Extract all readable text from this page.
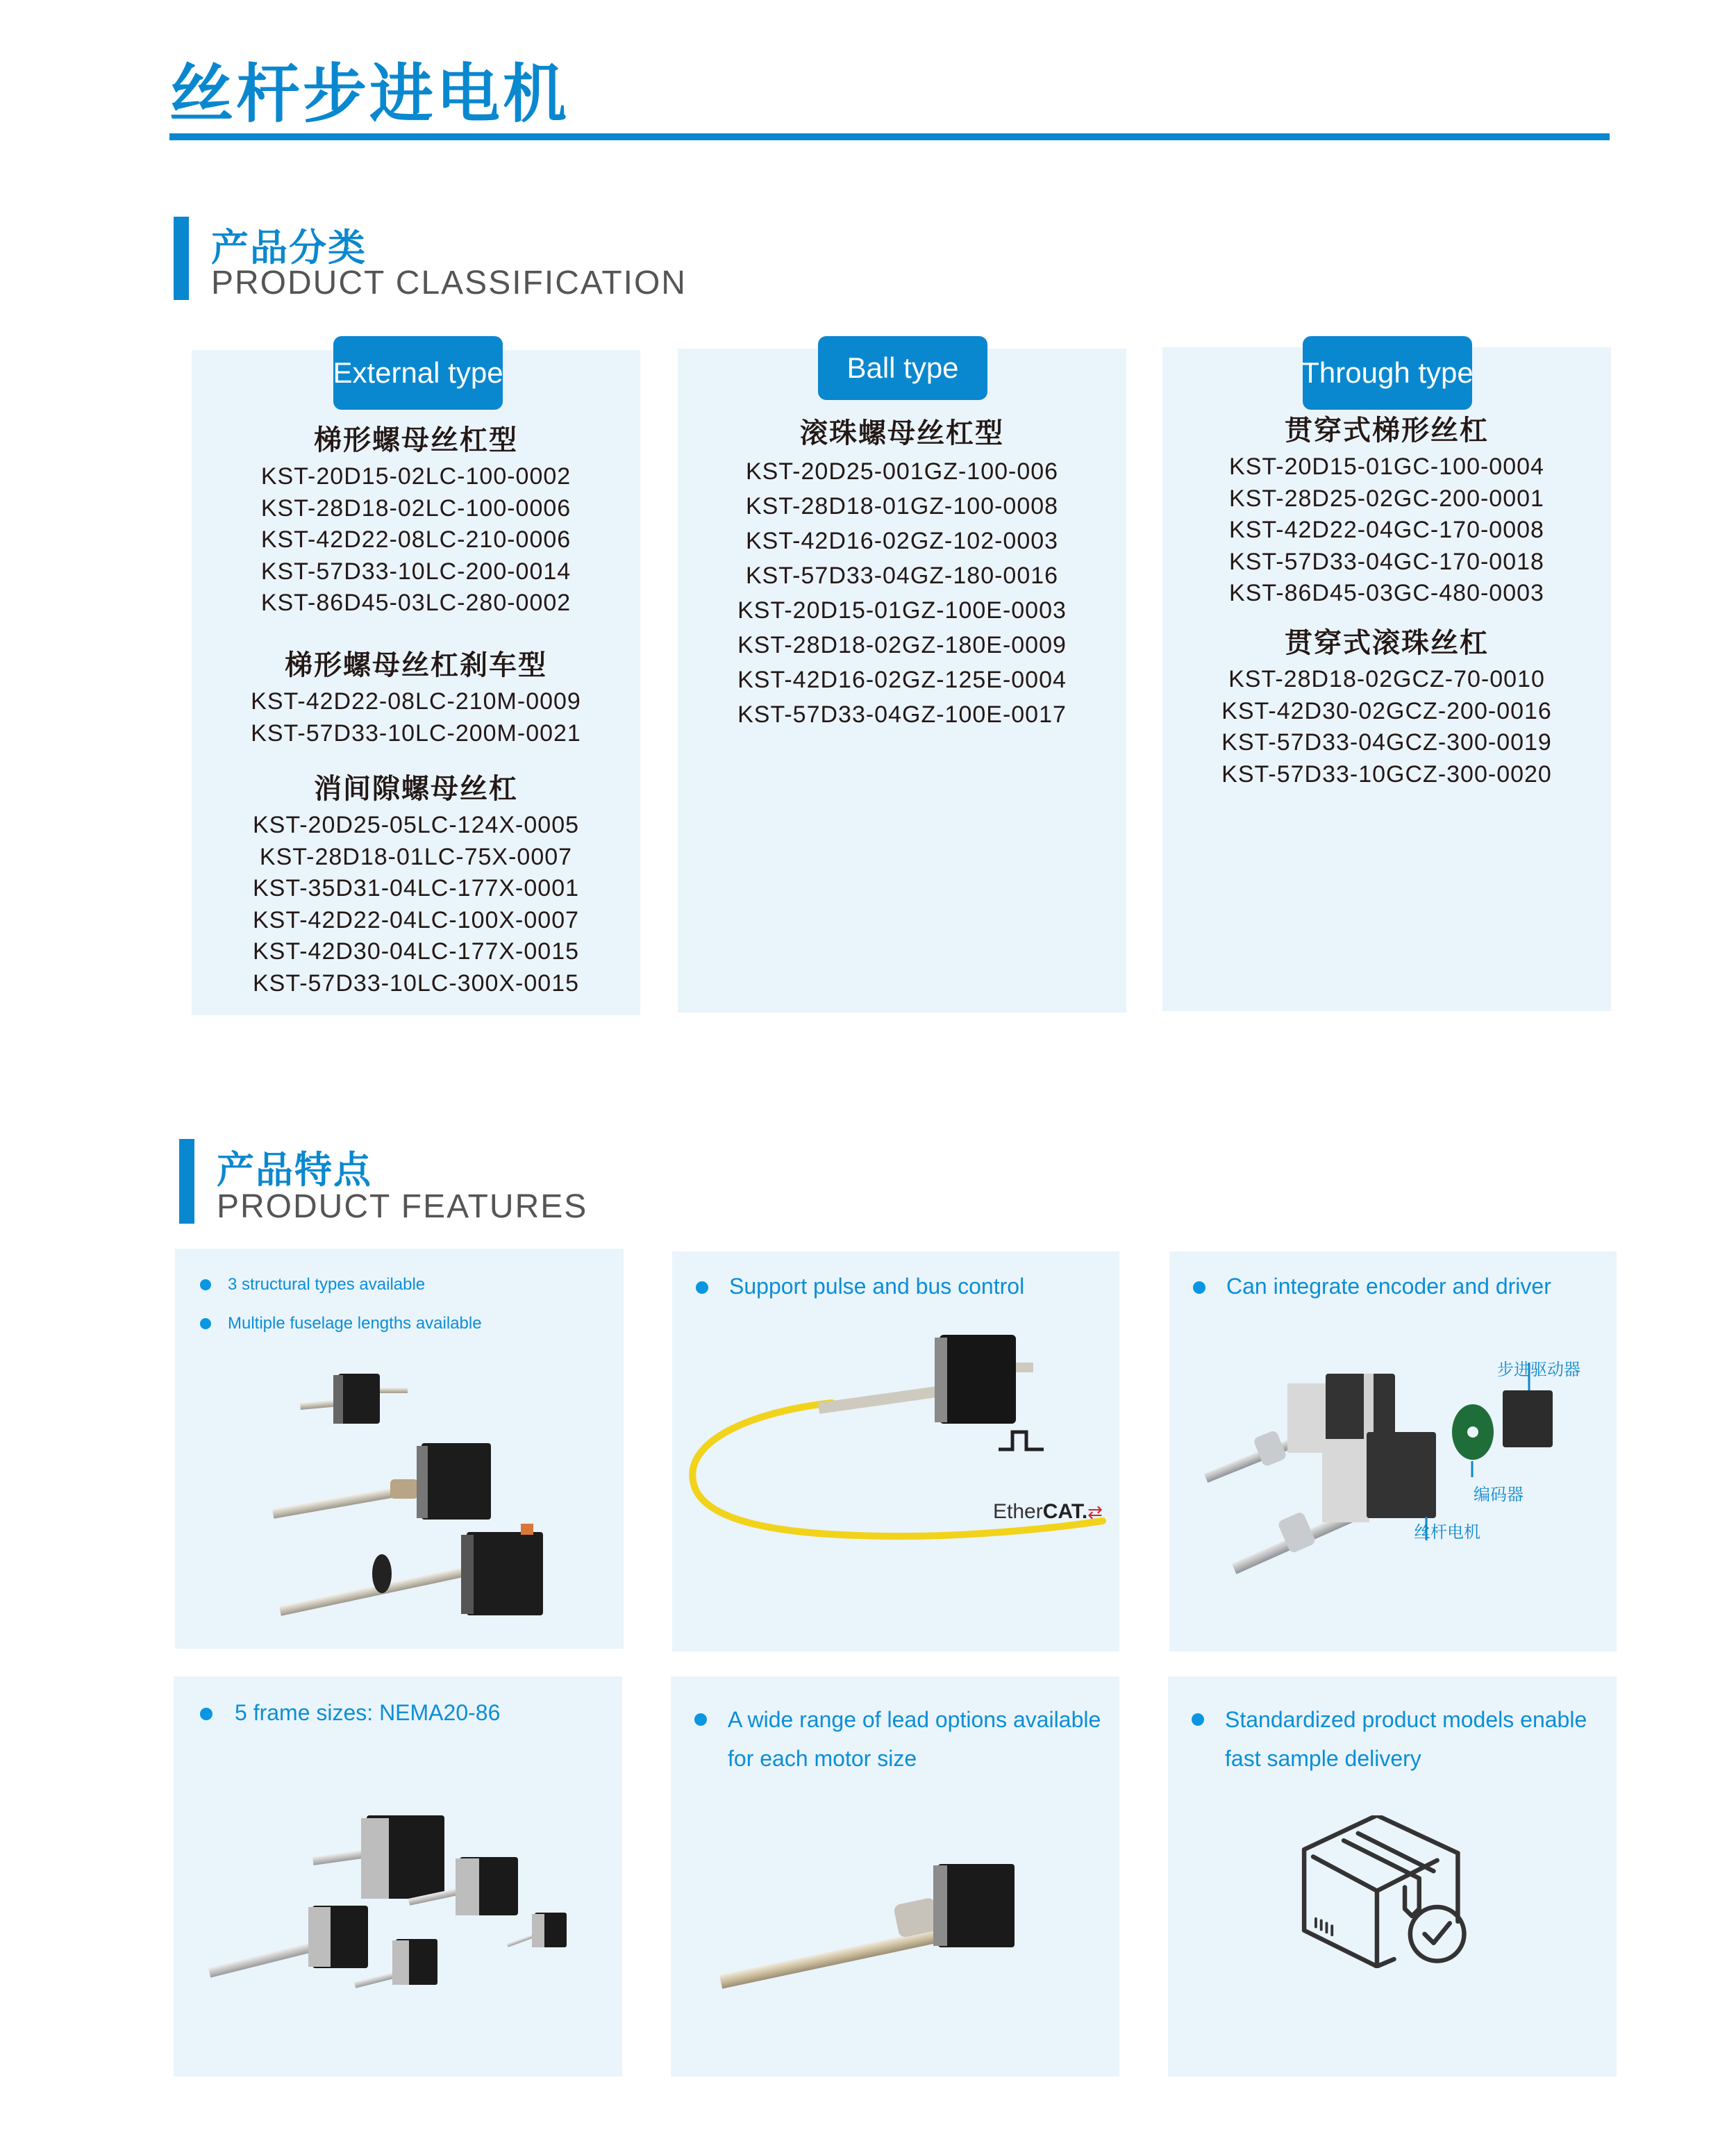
丝杆步进电机
产品分类
PRODUCT CLASSIFICATION
External type
梯形螺母丝杠型
KST-20D15-02LC-100-0002
KST-28D18-02LC-100-0006
KST-42D22-08LC-210-0006
KST-57D33-10LC-200-0014
KST-86D45-03LC-280-0002
梯形螺母丝杠刹车型
KST-42D22-08LC-210M-0009
KST-57D33-10LC-200M-0021
消间隙螺母丝杠
KST-20D25-05LC-124X-0005
KST-28D18-01LC-75X-0007
KST-35D31-04LC-177X-0001
KST-42D22-04LC-100X-0007
KST-42D30-04LC-177X-0015
KST-57D33-10LC-300X-0015
Ball type
滚珠螺母丝杠型
KST-20D25-001GZ-100-006
KST-28D18-01GZ-100-0008
KST-42D16-02GZ-102-0003
KST-57D33-04GZ-180-0016
KST-20D15-01GZ-100E-0003
KST-28D18-02GZ-180E-0009
KST-42D16-02GZ-125E-0004
KST-57D33-04GZ-100E-0017
Through type
贯穿式梯形丝杠
KST-20D15-01GC-100-0004
KST-28D25-02GC-200-0001
KST-42D22-04GC-170-0008
KST-57D33-04GC-170-0018
KST-86D45-03GC-480-0003
贯穿式滚珠丝杠
KST-28D18-02GCZ-70-0010
KST-42D30-02GCZ-200-0016
KST-57D33-04GCZ-300-0019
KST-57D33-10GCZ-300-0020
产品特点
PRODUCT FEATURES
3 structural types available
Multiple fuselage lengths available
Support pulse and bus control
EtherCAT.⇄
Can integrate encoder and driver
步进驱动器
编码器
丝杆电机
5 frame sizes: NEMA20-86	A wide range of lead options available
for each motor size
Standardized product models enable
fast sample delivery
